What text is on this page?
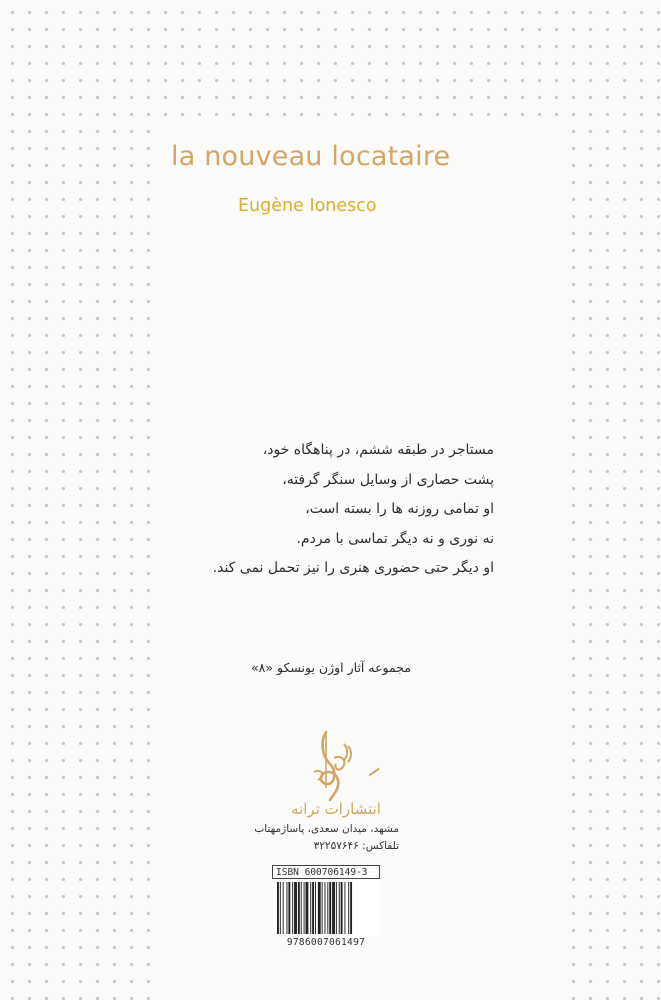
la nouveau locataire
Eugène Ionesco
مستاجر در طبقه ششم، در پناهگاه خود،
پشت حصاری از وسایل سنگر گرفته،
او تمامی روزنه ها را بسته است،
نه نوری و نه دیگر تماسی با مردم.
او دیگر حتی حضوری هنری را نیز تحمل نمی کند.
مجموعه آثار اوژن یونسکو «۸»
انتشارات ترانه
مشهد، میدان سعدی، پاساژمهتاب
تلفاکس: ۳۲۲۵۷۶۴۶
ISBN 600706149-3
9786007061497
